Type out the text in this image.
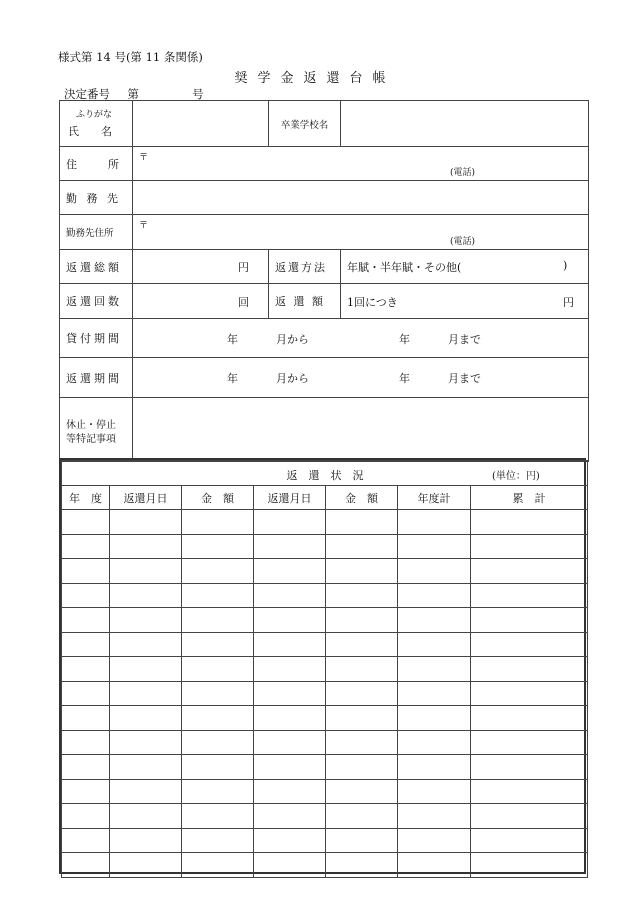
様式第 14 号(第 11 条関係)
奨学金返還台帳
決定番号 第	号
ふりがな
氏　　名		卒業学校名	
住　　所	〒
(電話)		

勤 務 先			
勤務先住所	〒
(電話)		

返還総額	円	返還方法	年賦・半年賦・その他( )

返還回数	回	返 還 額	1回につき 円

貸付期間	年 月から 年 月まで		

返還期間	年 月から 年 月まで		

休止・停止
等特記事項			

返　還　状　況 (単位：円)						

年　度	返還月日	金　額	返還月日	金　額	年度計	累　計
